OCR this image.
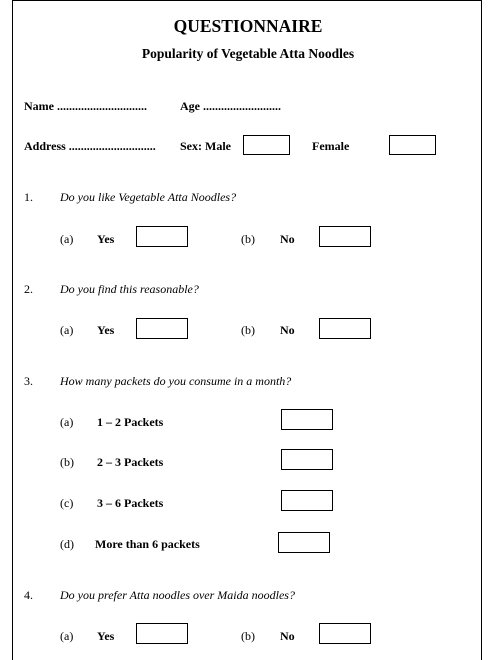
QUESTIONNAIRE
Popularity of Vegetable Atta Noodles
Name ..............................	Age ..........................
Address ............................. Sex: Male	Female
1. Do you like Vegetable Atta Noodles?
(a) Yes	(b) No
2. Do you find this reasonable?
(a) Yes	(b) No
3. How many packets do you consume in a month?
(a) 1 – 2 Packets
(b) 2 – 3 Packets
(c) 3 – 6 Packets
(d) More than 6 packets
4. Do you prefer Atta noodles over Maida noodles?
(a) Yes	(b) No
